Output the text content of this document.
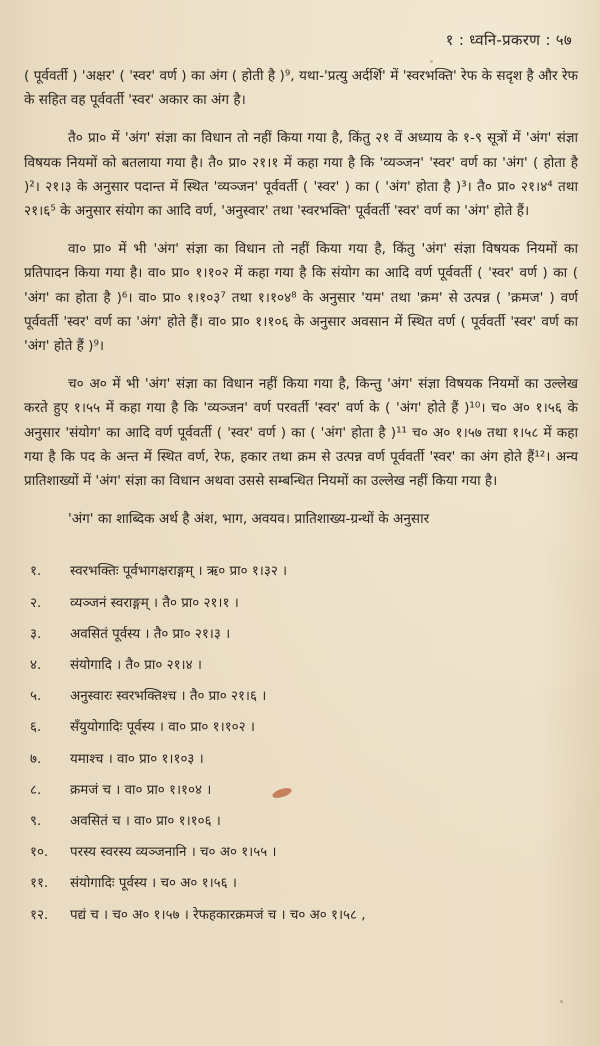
१ : ध्वनि-प्रकरण : ५७

( पूर्ववर्ती ) 'अक्षर' ( 'स्वर' वर्ण ) का अंग ( होती है )⁹, यथा-'प्रत्यु अर्दर्शि' में 'स्वरभक्ति' रेफ के सदृश है और रेफ के सहित वह पूर्ववर्ती 'स्वर' अकार का अंग है।

तै० प्रा० में 'अंग' संज्ञा का विधान तो नहीं किया गया है, किंतु २१ वें अध्याय के १-९ सूत्रों में 'अंग' संज्ञा विषयक नियमों को बतलाया गया है। तै० प्रा० २१।१ में कहा गया है कि 'व्यञ्जन' 'स्वर' वर्ण का 'अंग' ( होता है )²। २१।३ के अनुसार पदान्त में स्थित 'व्यञ्जन' पूर्ववर्ती ( 'स्वर' ) का ( 'अंग' होता है )³। तै० प्रा० २१।४⁴ तथा २१।६⁵ के अनुसार संयोग का आदि वर्ण, 'अनुस्वार' तथा 'स्वरभक्ति' पूर्ववर्ती 'स्वर' वर्ण का 'अंग' होते हैं।

वा० प्रा० में भी 'अंग' संज्ञा का विधान तो नहीं किया गया है, किंतु 'अंग' संज्ञा विषयक नियमों का प्रतिपादन किया गया है। वा० प्रा० १।१०२ में कहा गया है कि संयोग का आदि वर्ण पूर्ववर्ती ( 'स्वर' वर्ण ) का ( 'अंग' का होता है )⁶। वा० प्रा० १।१०३⁷ तथा १।१०४⁸ के अनुसार 'यम' तथा 'क्रम' से उत्पन्न ( 'क्रमज' ) वर्ण पूर्ववर्ती 'स्वर' वर्ण का 'अंग' होते हैं। वा० प्रा० १।१०६ के अनुसार अवसान में स्थित वर्ण ( पूर्ववर्ती 'स्वर' वर्ण का 'अंग' होते हैं )⁹।

च० अ० में भी 'अंग' संज्ञा का विधान नहीं किया गया है, किन्तु 'अंग' संज्ञा विषयक नियमों का उल्लेख करते हुए १।५५ में कहा गया है कि 'व्यञ्जन' वर्ण परवर्ती 'स्वर' वर्ण के ( 'अंग' होते हैं )¹⁰। च० अ० १।५६ के अनुसार 'संयोग' का आदि वर्ण पूर्ववर्ती ( 'स्वर' वर्ण ) का ( 'अंग' होता है )¹¹ च० अ० १।५७ तथा १।५८ में कहा गया है कि पद के अन्त में स्थित वर्ण, रेफ, हकार तथा क्रम से उत्पन्न वर्ण पूर्ववर्ती 'स्वर' का अंग होते हैं¹²। अन्य प्रातिशाख्यों में 'अंग' संज्ञा का विधान अथवा उससे सम्बन्धित नियमों का उल्लेख नहीं किया गया है।

'अंग' का शाब्दिक अर्थ है अंश, भाग, अवयव। प्रातिशाख्य-ग्रन्थों के अनुसार

१. स्वरभक्तिः पूर्वभागक्षराङ्गम् । ऋ० प्रा० १।३२ ।
२. व्यञ्जनं स्वराङ्गम् । तै० प्रा० २१।१ ।
३. अवसितं पूर्वस्य । तै० प्रा० २१।३ ।
४. संयोगादि । तै० प्रा० २१।४ ।
५. अनुस्वारः स्वरभक्तिश्च । तै० प्रा० २१।६ ।
६. सँयुयोगादिः पूर्वस्य । वा० प्रा० १।१०२ ।
७. यमाश्च । वा० प्रा० १।१०३ ।
८. क्रमजं च । वा० प्रा० १।१०४ ।
९. अवसितं च । वा० प्रा० १।१०६ ।
१०. परस्य स्वरस्य व्यञ्जनानि । च० अ० १।५५ ।
११. संयोगादिः पूर्वस्य । च० अ० १।५६ ।
१२. पद्यं च । च० अ० १।५७ । रेफहकारक्रमजं च । च० अ० १।५८ ,
